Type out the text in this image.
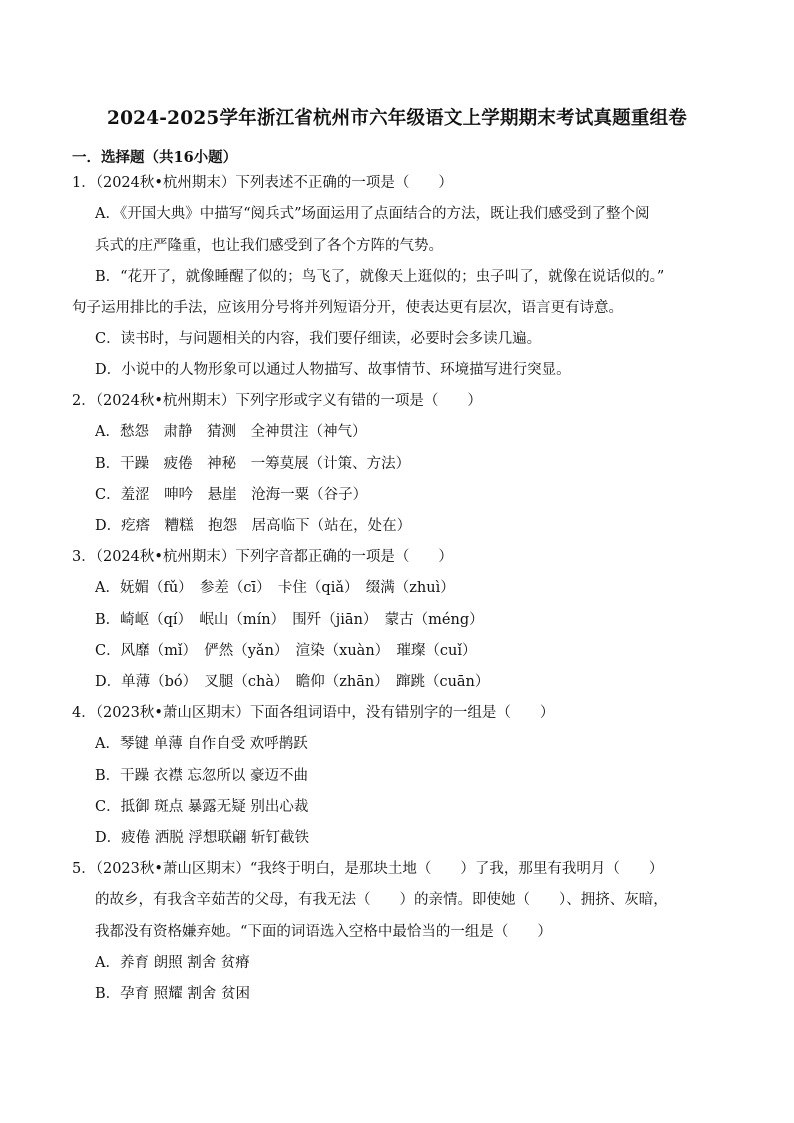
2024-2025学年浙江省杭州市六年级语文上学期期末考试真题重组卷
一．选择题（共16小题）
1．（2024秋•杭州期末）下列表述不正确的一项是（　　）
A．《开国大典》中描写“阅兵式”场面运用了点面结合的方法，既让我们感受到了整个阅
兵式的庄严隆重，也让我们感受到了各个方阵的气势。
B．“花开了，就像睡醒了似的；鸟飞了，就像天上逛似的；虫子叫了，就像在说话似的。”
句子运用排比的手法，应该用分号将并列短语分开，使表达更有层次，语言更有诗意。
C．读书时，与问题相关的内容，我们要仔细读，必要时会多读几遍。
D．小说中的人物形象可以通过人物描写、故事情节、环境描写进行突显。
2．（2024秋•杭州期末）下列字形或字义有错的一项是（　　）
A．愁怨　肃静　猜测　全神贯注（神气）
B．干躁　疲倦　神秘　一筹莫展（计策、方法）
C．羞涩　呻吟　悬崖　沧海一粟（谷子）
D．疙瘩　糟糕　抱怨　居高临下（站在，处在）
3．（2024秋•杭州期末）下列字音都正确的一项是（　　）
A．妩媚（fǔ）　参差（cī）　卡住（qiǎ）　缀满（zhuì）
B．崎岖（qí）　岷山（mín）　围歼（jiān）　蒙古（méng）
C．风靡（mǐ）　俨然（yǎn）　渲染（xuàn）　璀璨（cuǐ）
D．单薄（bó）　叉腿（chà）　瞻仰（zhān）　蹿跳（cuān）
4．（2023秋•萧山区期末）下面各组词语中，没有错别字的一组是（　　）
A．琴键 单薄 自作自受 欢呼鹊跃
B．干躁 衣襟 忘忽所以 豪迈不曲
C．抵御 斑点 暴露无疑 别出心裁
D．疲倦 洒脱 浮想联翩 斩钉截铁
5．（2023秋•萧山区期末）“我终于明白，是那块土地（　　）了我，那里有我明月（　　）
的故乡，有我含辛茹苦的父母，有我无法（　　）的亲情。即使她（　　）、拥挤、灰暗，
我都没有资格嫌弃她。“下面的词语选入空格中最恰当的一组是（　　）
A．养育 朗照 割舍 贫瘠
B．孕育 照耀 割舍 贫困
